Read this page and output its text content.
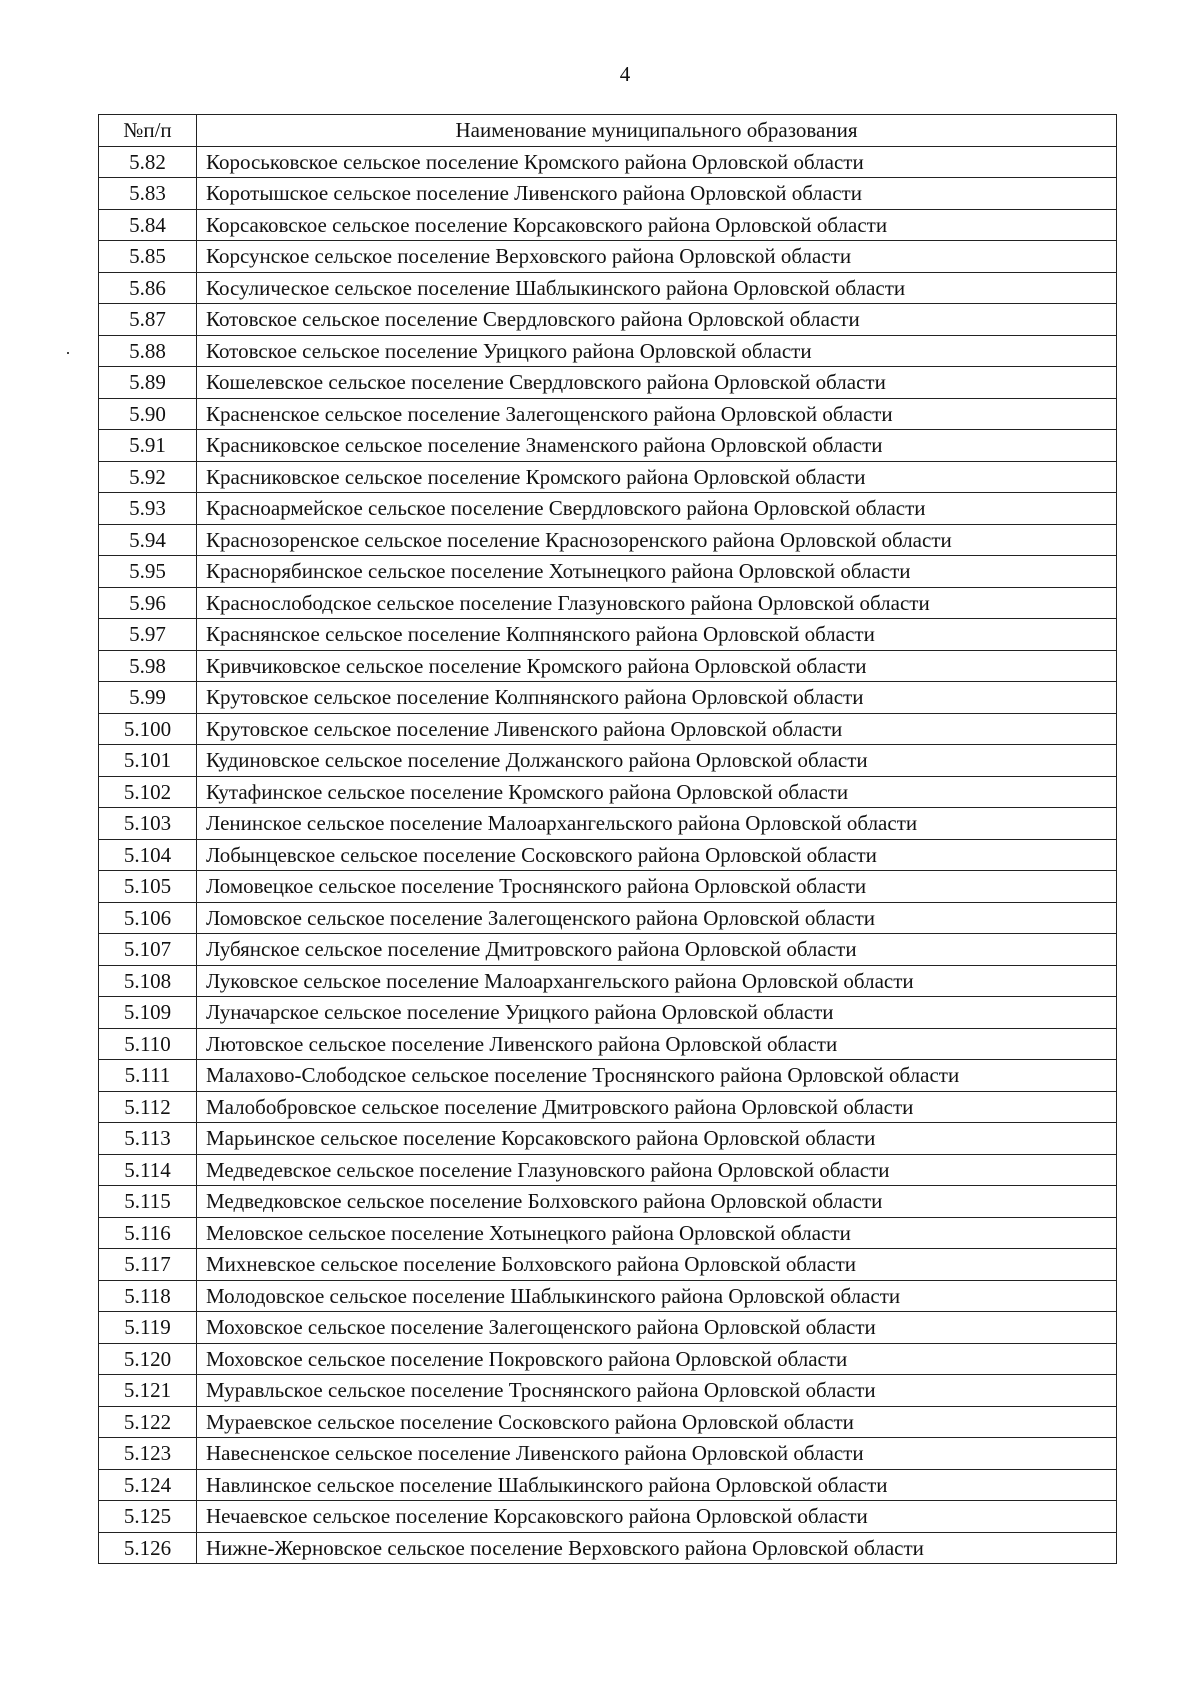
4
№п/п	Наименование муниципального образования
5.82	Короськовское сельское поселение Кромского района Орловской области
5.83	Коротышское сельское поселение Ливенского района Орловской области
5.84	Корсаковское сельское поселение Корсаковского района Орловской области
5.85	Корсунское сельское поселение Верховского района Орловской области
5.86	Косулическое сельское поселение Шаблыкинского района Орловской области
5.87	Котовское сельское поселение Свердловского района Орловской области
5.88	Котовское сельское поселение Урицкого района Орловской области
5.89	Кошелевское сельское поселение Свердловского района Орловской области
5.90	Красненское сельское поселение Залегощенского района Орловской области
5.91	Красниковское сельское поселение Знаменского района Орловской области
5.92	Красниковское сельское поселение Кромского района Орловской области
5.93	Красноармейское сельское поселение Свердловского района Орловской области
5.94	Краснозоренское сельское поселение Краснозоренского района Орловской области
5.95	Краснорябинское сельское поселение Хотынецкого района Орловской области
5.96	Краснослободское сельское поселение Глазуновского района Орловской области
5.97	Краснянское сельское поселение Колпнянского района Орловской области
5.98	Кривчиковское сельское поселение Кромского района Орловской области
5.99	Крутовское сельское поселение Колпнянского района Орловской области
5.100	Крутовское сельское поселение Ливенского района Орловской области
5.101	Кудиновское сельское поселение Должанского района Орловской области
5.102	Кутафинское сельское поселение Кромского района Орловской области
5.103	Ленинское сельское поселение Малоархангельского района Орловской области
5.104	Лобынцевское сельское поселение Сосковского района Орловской области
5.105	Ломовецкое сельское поселение Троснянского района Орловской области
5.106	Ломовское сельское поселение Залегощенского района Орловской области
5.107	Лубянское сельское поселение Дмитровского района Орловской области
5.108	Луковское сельское поселение Малоархангельского района Орловской области
5.109	Луначарское сельское поселение Урицкого района Орловской области
5.110	Лютовское сельское поселение Ливенского района Орловской области
5.111	Малахово-Слободское сельское поселение Троснянского района Орловской области
5.112	Малобобровское сельское поселение Дмитровского района Орловской области
5.113	Марьинское сельское поселение Корсаковского района Орловской области
5.114	Медведевское сельское поселение Глазуновского района Орловской области
5.115	Медведковское сельское поселение Болховского района Орловской области
5.116	Меловское сельское поселение Хотынецкого района Орловской области
5.117	Михневское сельское поселение Болховского района Орловской области
5.118	Молодовское сельское поселение Шаблыкинского района Орловской области
5.119	Моховское сельское поселение Залегощенского района Орловской области
5.120	Моховское сельское поселение Покровского района Орловской области
5.121	Муравльское сельское поселение Троснянского района Орловской области
5.122	Мураевское сельское поселение Сосковского района Орловской области
5.123	Навесненское сельское поселение Ливенского района Орловской области
5.124	Навлинское сельское поселение Шаблыкинского района Орловской области
5.125	Нечаевское сельское поселение Корсаковского района Орловской области
5.126	Нижне-Жерновское сельское поселение Верховского района Орловской области
